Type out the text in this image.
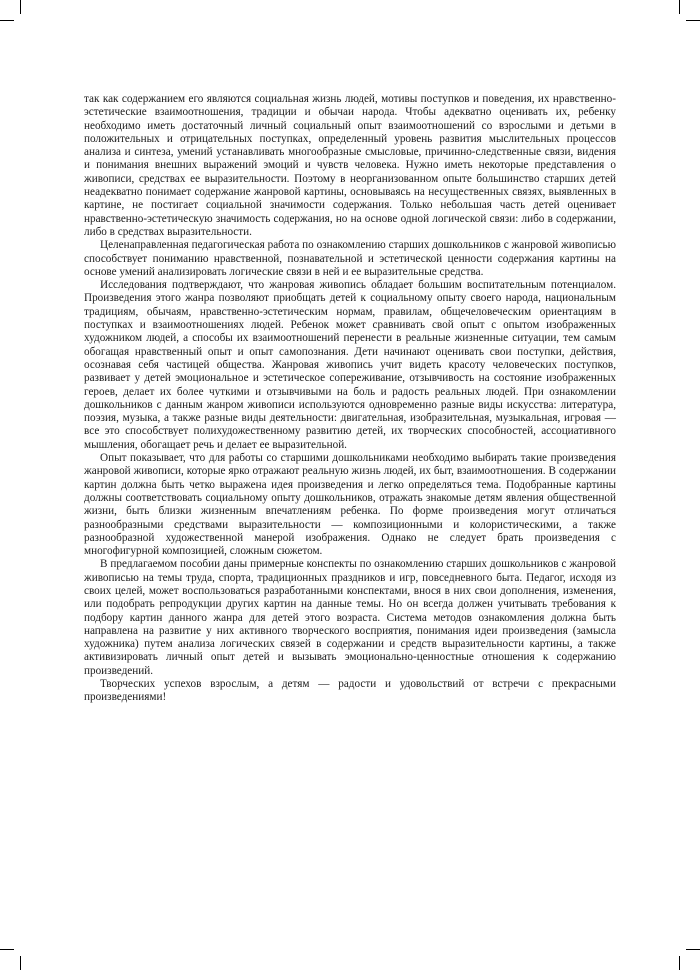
так как содержанием его являются социальная жизнь людей, мотивы поступков и поведения, их нравственно-эстетические взаимоотношения, традиции и обычаи народа. Чтобы адекватно оценивать их, ребенку необходимо иметь достаточный личный социальный опыт взаимоотношений со взрослыми и детьми в положительных и отрицательных поступках, определенный уровень развития мыслительных процессов анализа и синтеза, умений устанавливать многообразные смысловые, причинно-следственные связи, видения и понимания внешних выражений эмоций и чувств человека. Нужно иметь некоторые представления о живописи, средствах ее выразительности. Поэтому в неорганизованном опыте большинство старших детей неадекватно понимает содержание жанровой картины, основываясь на несущественных связях, выявленных в картине, не постигает социальной значимости содержания. Только небольшая часть детей оценивает нравственно-эстетическую значимость содержания, но на основе одной логической связи: либо в содержании, либо в средствах выразительности.

Целенаправленная педагогическая работа по ознакомлению старших дошкольников с жанровой живописью способствует пониманию нравственной, познавательной и эстетической ценности содержания картины на основе умений анализировать логические связи в ней и ее выразительные средства.

Исследования подтверждают, что жанровая живопись обладает большим воспитательным потенциалом. Произведения этого жанра позволяют приобщать детей к социальному опыту своего народа, национальным традициям, обычаям, нравственно-эстетическим нормам, правилам, общечеловеческим ориентациям в поступках и взаимоотношениях людей. Ребенок может сравнивать свой опыт с опытом изображенных художником людей, а способы их взаимоотношений перенести в реальные жизненные ситуации, тем самым обогащая нравственный опыт и опыт самопознания. Дети начинают оценивать свои поступки, действия, осознавая себя частицей общества. Жанровая живопись учит видеть красоту человеческих поступков, развивает у детей эмоциональное и эстетическое сопереживание, отзывчивость на состояние изображенных героев, делает их более чуткими и отзывчивыми на боль и радость реальных людей. При ознакомлении дошкольников с данным жанром живописи используются одновременно разные виды искусства: литература, поэзия, музыка, а также разные виды деятельности: двигательная, изобразительная, музыкальная, игровая — все это способствует полихудожественному развитию детей, их творческих способностей, ассоциативного мышления, обогащает речь и делает ее выразительной.

Опыт показывает, что для работы со старшими дошкольниками необходимо выбирать такие произведения жанровой живописи, которые ярко отражают реальную жизнь людей, их быт, взаимоотношения. В содержании картин должна быть четко выражена идея произведения и легко определяться тема. Подобранные картины должны соответствовать социальному опыту дошкольников, отражать знакомые детям явления общественной жизни, быть близки жизненным впечатлениям ребенка. По форме произведения могут отличаться разнообразными средствами выразительности — композиционными и колористическими, а также разнообразной художественной манерой изображения. Однако не следует брать произведения с многофигурной композицией, сложным сюжетом.

В предлагаемом пособии даны примерные конспекты по ознакомлению старших дошкольников с жанровой живописью на темы труда, спорта, традиционных праздников и игр, повседневного быта. Педагог, исходя из своих целей, может воспользоваться разработанными конспектами, внося в них свои дополнения, изменения, или подобрать репродукции других картин на данные темы. Но он всегда должен учитывать требования к подбору картин данного жанра для детей этого возраста. Система методов ознакомления должна быть направлена на развитие у них активного творческого восприятия, понимания идеи произведения (замысла художника) путем анализа логических связей в содержании и средств выразительности картины, а также активизировать личный опыт детей и вызывать эмоционально-ценностные отношения к содержанию произведений.

Творческих успехов взрослым, а детям — радости и удовольствий от встречи с прекрасными произведениями!
